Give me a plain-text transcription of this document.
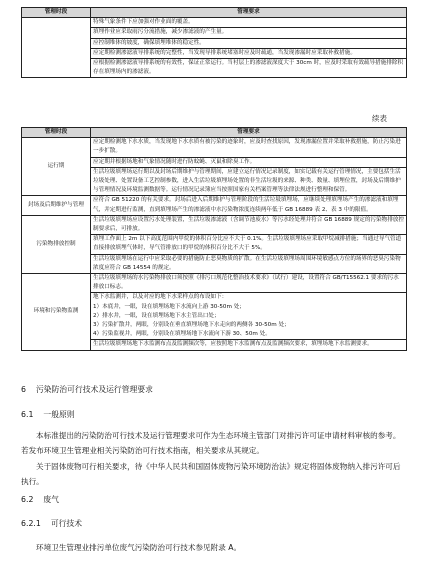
管理时段	管理要求
	特殊气象条件下应加强对作业面的覆盖。
	填埋作业应采取雨污分流措施，减少渗滤液的产生量。
	应控制堆体的坡度，确保填埋堆体的稳定性。
	应定期检测渗滤液导排系统的完整性，当发现导排系统堵塞时应及时疏通，当发现渗漏时应采取补救措施。
	应根据检测渗滤液导排系统的有效性，保证正常运行。当衬层上的渗滤液深度大于 30cm 时，应及时采取有效疏导措施排除积存在填埋场内的渗滤液。
续表
管理时段	管理要求
运行期	应定期检测地下水水质，当发现地下水水质有被污染的迹象时，应及时查找原因，发现渗漏位置并采取补救措施，防止污染进一步扩散。
	应定期并根据场地和气象情况随时进行防蚊蝇、灭鼠和除臭工作。
	生活垃圾填埋场运行期以及封场后期维护与管理期间，应建立运行情况记录制度，如实记载有关运行管理情况，主要包括生活垃圾处理、处置设备工艺控制参数，进入生活垃圾填埋场处置的非生活垃圾的来源、种类、数量、填埋位置，封场及后期维护与管理情况及环境监测数据等。运行情况记录簿应当按照国家有关档案管理等法律法规进行整理和保管。
封场及后期维护与管理	应符合 GB 51220 的有关要求。封场后进入后期维护与管理阶段的生活垃圾填埋场，应继续处理填埋场产生的渗滤液和填埋气，并定期进行监测，直到填埋场产生的渗滤液中水污染物浓度连续两年低于 GB 16889 表 2、表 3 中的限值。
污染物排放控制	生活垃圾填埋场应设置污水处理装置，生活垃圾渗滤液（含调节池废水）等污水经处理并符合 GB 16889 规定的污染物排放控制要求后，可排放。
	填埋工作面上 2m 以下高度范围内甲烷的体积百分比应不大于 0.1%。生活垃圾填埋场应采取甲烷减排措施；当通过导气管道直接排放填埋气体时，导气管排放口的甲烷的体积百分比不大于 5%。
	生活垃圾填埋场在运行中应采取必要的措施防止恶臭物质的扩散。在生活垃圾填埋场周围环境敏感点方位的场界的恶臭污染物浓度应符合 GB 14554 的规定。
环境和污染物监测	生活垃圾填埋场的水污染物排放口须按照《排污口规范化整治技术要求》（试行）建设，设置符合 GB/T15562.1 要求的污水排放口标志。
	地下水监测井，以及对应的地下水采样点的布设如下：
1）本底井，一眼，设在填埋场地下水流向上游 30-50m 处；
2）排水井，一眼，设在填埋场地下水主管出口处；
3）污染扩散井，两眼，分别设在垂直填埋场地下水走向的两侧各 30-50m 处；
4）污染监视井，两眼，分别设在填埋场地下水流向下游 30、50m 处。
	生活垃圾填埋场地下水监测布点及监测频次等，应按照地下水监测布点及监测频次要求，填埋场地下水监测要求。
6 污染防治可行技术及运行管理要求
6.1 一般原则

本标准提出的污染防治可行技术及运行管理要求可作为生态环境主管部门对排污许可证申请材料审核的参考。若发布环境卫生管理业相关污染防治可行技术指南，相关要求从其规定。

关于固体废物可行相关要求，待《中华人民共和国固体废物污染环境防治法》规定将固体废物纳入排污许可后执行。

6.2 废气
6.2.1 可行技术

环境卫生管理业排污单位废气污染防治可行技术参见附录 A。
